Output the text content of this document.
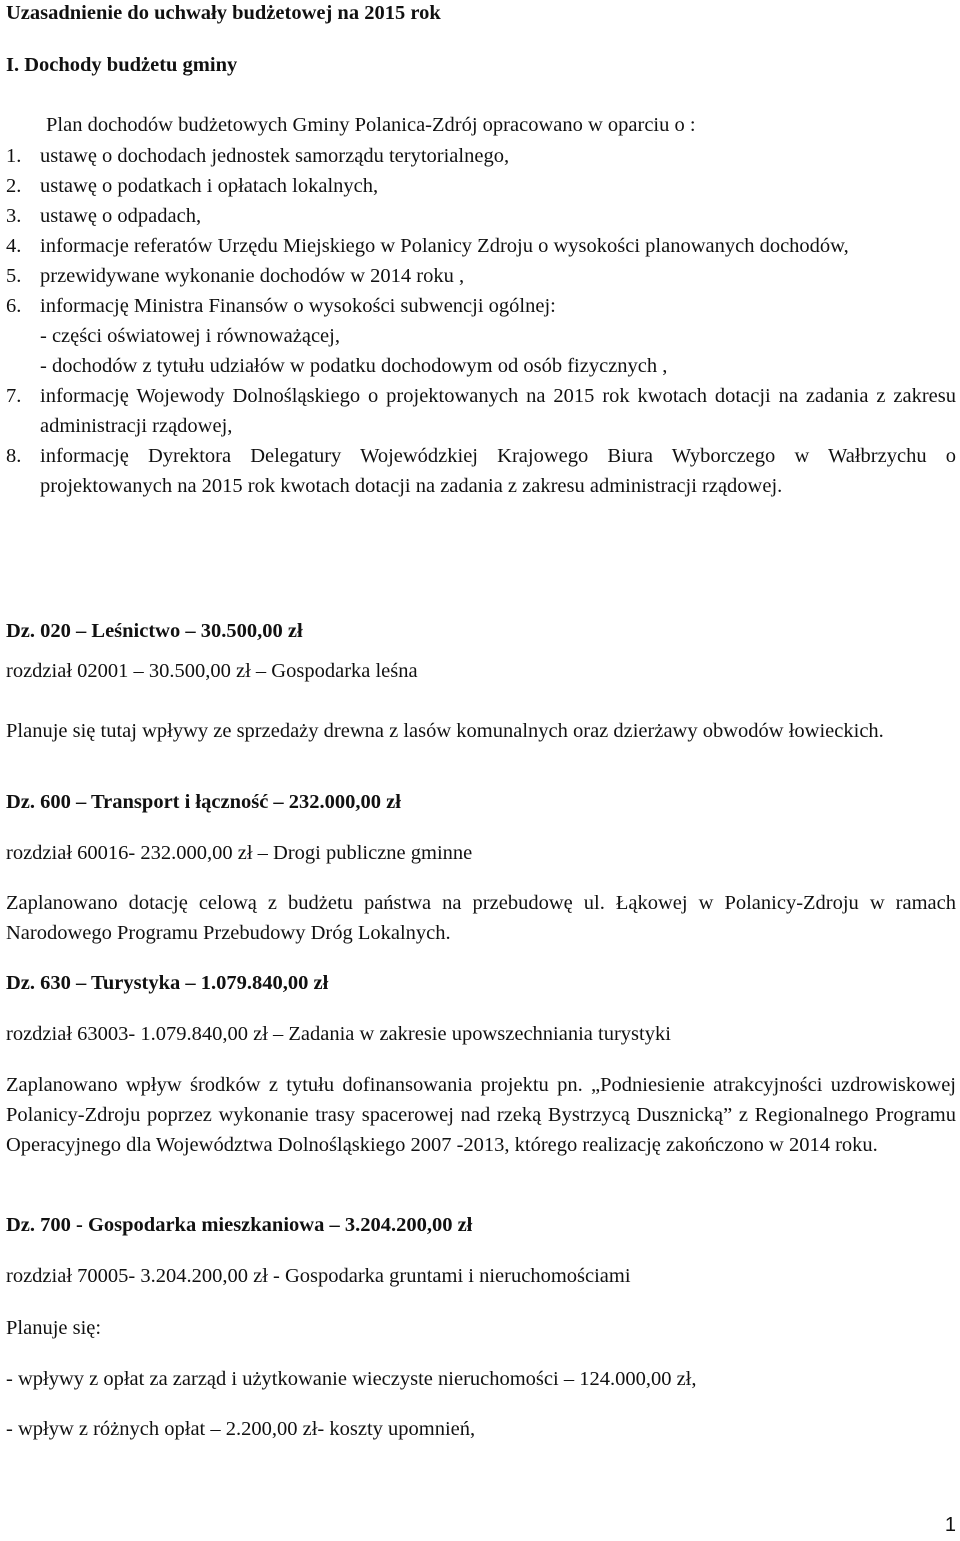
Uzasadnienie do uchwały budżetowej na 2015 rok
I. Dochody budżetu gminy
Plan dochodów budżetowych Gminy Polanica-Zdrój opracowano w oparciu o :
1. ustawę o dochodach jednostek samorządu terytorialnego,
2. ustawę o podatkach i opłatach lokalnych,
3. ustawę o odpadach,
4. informacje referatów Urzędu Miejskiego w Polanicy Zdroju o wysokości planowanych dochodów,
5. przewidywane wykonanie dochodów w 2014 roku ,
6. informację Ministra Finansów o wysokości subwencji ogólnej:
- części oświatowej i równoważącej,
- dochodów z tytułu udziałów w podatku dochodowym od osób fizycznych ,
7. informację Wojewody Dolnośląskiego o projektowanych na 2015 rok kwotach dotacji na zadania z zakresu administracji rządowej,
8. informację Dyrektora Delegatury Wojewódzkiej Krajowego Biura Wyborczego w Wałbrzychu o projektowanych na 2015 rok kwotach dotacji na zadania z zakresu administracji rządowej.
Dz. 020 – Leśnictwo – 30.500,00 zł
rozdział 02001 – 30.500,00 zł – Gospodarka leśna
Planuje się tutaj wpływy ze sprzedaży drewna z lasów komunalnych oraz dzierżawy obwodów łowieckich.
Dz. 600 – Transport i łączność – 232.000,00 zł
rozdział 60016- 232.000,00 zł – Drogi publiczne gminne
Zaplanowano dotację celową z budżetu państwa na przebudowę ul. Łąkowej w Polanicy-Zdroju w ramach Narodowego Programu Przebudowy Dróg Lokalnych.
Dz. 630 – Turystyka – 1.079.840,00 zł
rozdział 63003- 1.079.840,00 zł – Zadania w zakresie upowszechniania turystyki
Zaplanowano wpływ środków z tytułu dofinansowania projektu pn. „Podniesienie atrakcyjności uzdrowiskowej Polanicy-Zdroju poprzez wykonanie trasy spacerowej nad rzeką Bystrzycą Dusznicką” z Regionalnego Programu Operacyjnego dla Województwa Dolnośląskiego 2007 -2013, którego realizację zakończono w 2014 roku.
Dz. 700 - Gospodarka mieszkaniowa – 3.204.200,00 zł
rozdział 70005- 3.204.200,00 zł - Gospodarka gruntami i nieruchomościami
Planuje się:
- wpływy z opłat za zarząd i użytkowanie wieczyste nieruchomości – 124.000,00 zł,
- wpływ z różnych opłat – 2.200,00 zł- koszty upomnień,
1
